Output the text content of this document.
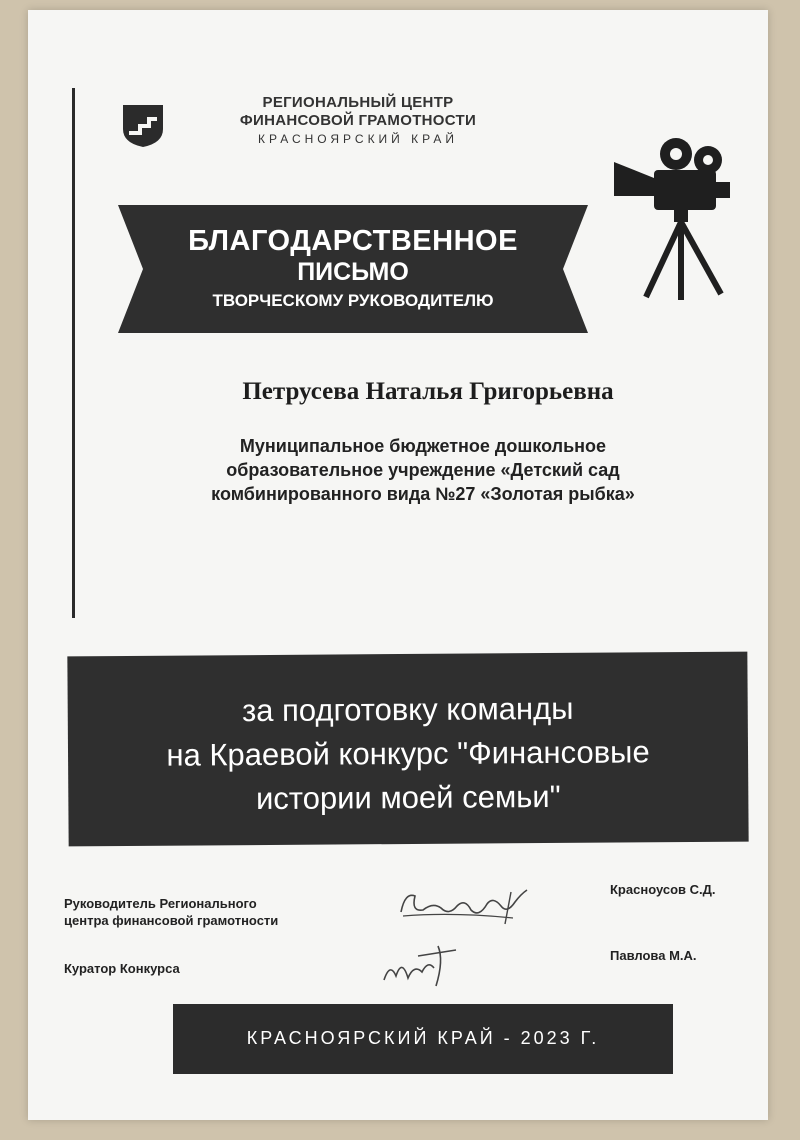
РЕГИОНАЛЬНЫЙ ЦЕНТР
ФИНАНСОВОЙ ГРАМОТНОСТИ
КРАСНОЯРСКИЙ КРАЙ
БЛАГОДАРСТВЕННОЕ
ПИСЬМО
ТВОРЧЕСКОМУ РУКОВОДИТЕЛЮ
Петрусева Наталья Григорьевна
Муниципальное бюджетное дошкольное
образовательное учреждение «Детский сад
комбинированного вида №27 «Золотая рыбка»
за подготовку команды
на Краевой конкурс "Финансовые
истории моей семьи"
Руководитель Регионального
центра финансовой грамотности
Красноусов С.Д.
Куратор Конкурса
Павлова М.А.
КРАСНОЯРСКИЙ КРАЙ - 2023 Г.
